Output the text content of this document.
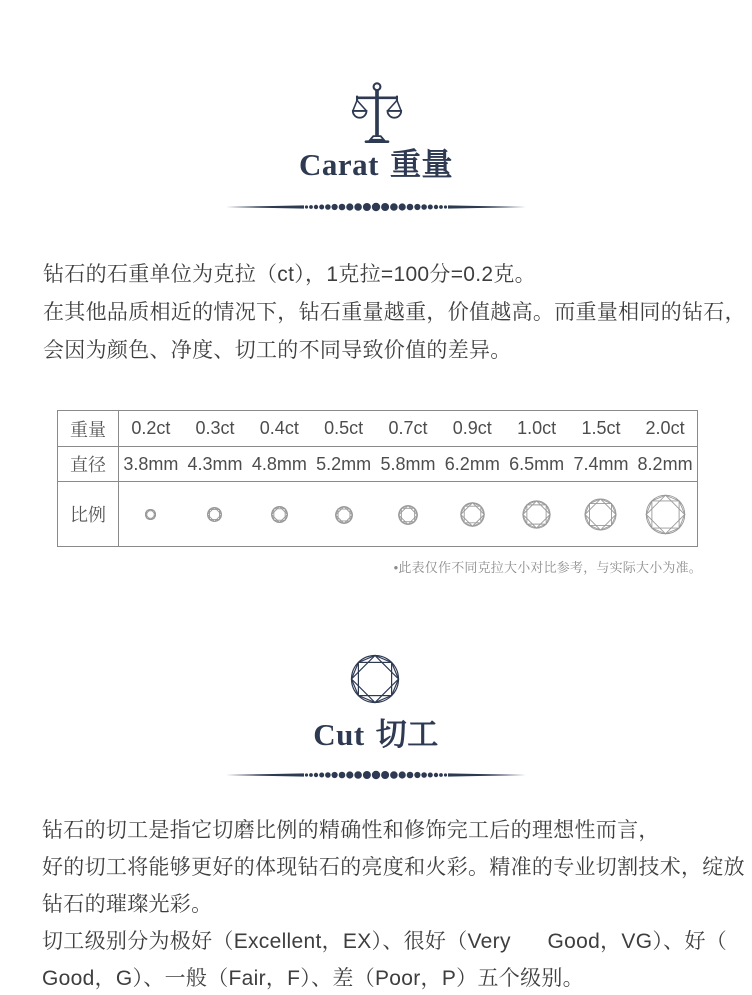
Carat 重量
钻石的石重单位为克拉（ct），1克拉=100分=0.2克。
在其他品质相近的情况下，钻石重量越重，价值越高。而重量相同的钻石，
会因为颜色、净度、切工的不同导致价值的差异。
重量	0.2ct	0.3ct	0.4ct	0.5ct	0.7ct	0.9ct	1.0ct	1.5ct	2.0ct
直径	3.8mm	4.3mm	4.8mm	5.2mm	5.8mm	6.2mm	6.5mm	7.4mm	8.2mm
比例									
•此表仅作不同克拉大小对比参考，与实际大小为准。
Cut 切工
钻石的切工是指它切磨比例的精确性和修饰完工后的理想性而言，
好的切工将能够更好的体现钻石的亮度和火彩。精准的专业切割技术，绽放
钻石的璀璨光彩。
切工级别分为极好（Excellent，EX）、很好（Very      Good，VG）、好（
Good，G）、一般（Fair，F）、差（Poor，P）五个级别。
